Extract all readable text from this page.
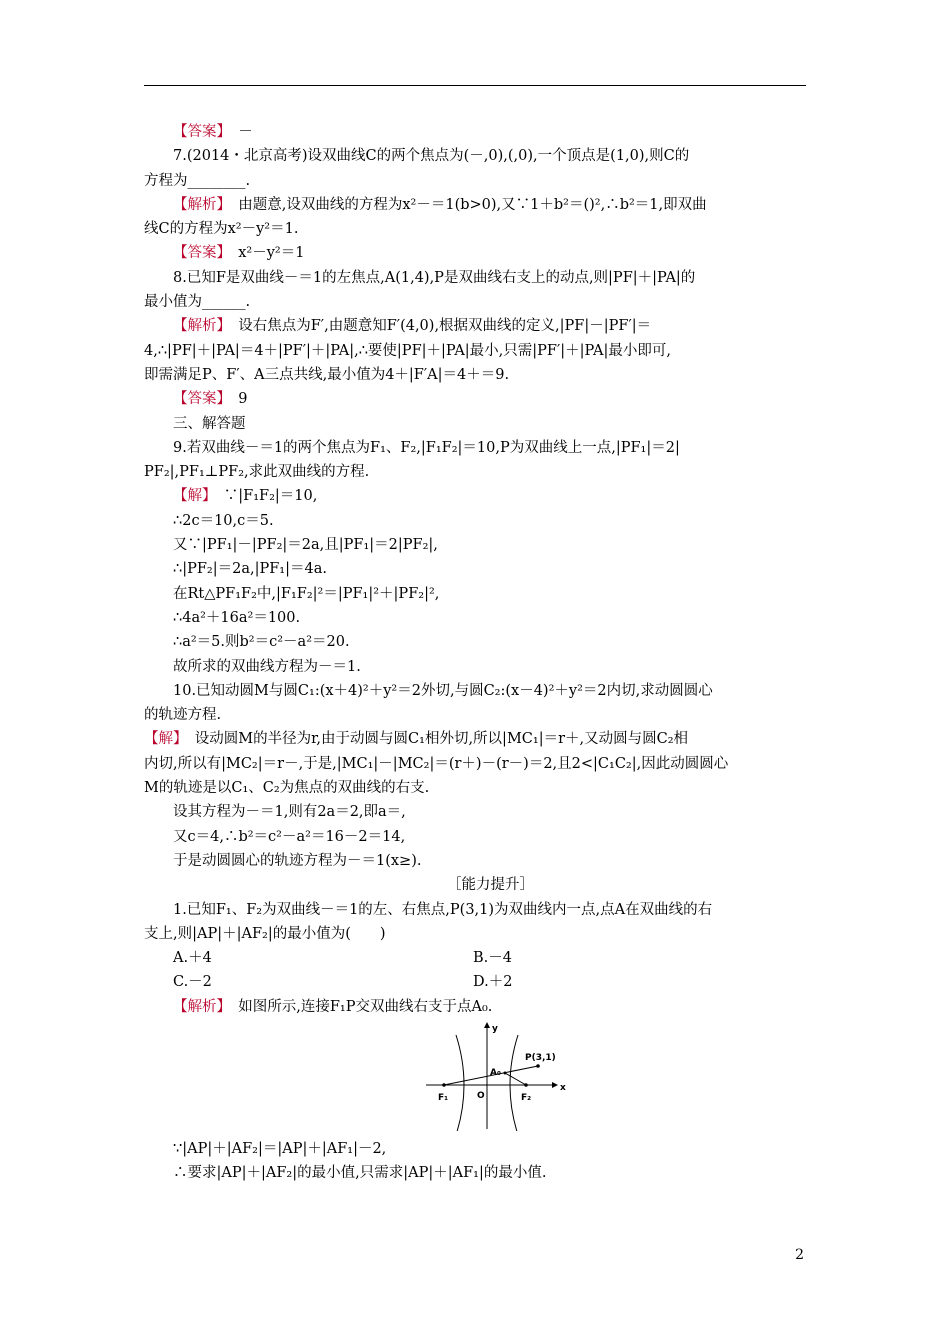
【答案】　－
7.(2014・北京高考)设双曲线C的两个焦点为(－,0),(,0),一个顶点是(1,0),则C的
方程为________.
【解析】　由题意,设双曲线的方程为x²－＝1(b>0),又∵1＋b²＝()²,∴b²＝1,即双曲
线C的方程为x²－y²＝1.
【答案】　x²－y²＝1
8.已知F是双曲线－＝1的左焦点,A(1,4),P是双曲线右支上的动点,则|PF|＋|PA|的
最小值为______.
【解析】　设右焦点为F′,由题意知F′(4,0),根据双曲线的定义,|PF|－|PF′|＝
4,∴|PF|＋|PA|＝4＋|PF′|＋|PA|,∴要使|PF|＋|PA|最小,只需|PF′|＋|PA|最小即可,
即需满足P、F′、A三点共线,最小值为4＋|F′A|＝4＋＝9.
【答案】　9
三、解答题
9.若双曲线－＝1的两个焦点为F₁、F₂,|F₁F₂|＝10,P为双曲线上一点,|PF₁|＝2|
PF₂|,PF₁⊥PF₂,求此双曲线的方程.
【解】　∵|F₁F₂|＝10,
∴2c＝10,c＝5.
又∵|PF₁|－|PF₂|＝2a,且|PF₁|＝2|PF₂|,
∴|PF₂|＝2a,|PF₁|＝4a.
在Rt△PF₁F₂中,|F₁F₂|²＝|PF₁|²＋|PF₂|²,
∴4a²＋16a²＝100.
∴a²＝5.则b²＝c²－a²＝20.
故所求的双曲线方程为－＝1.
10.已知动圆M与圆C₁:(x＋4)²＋y²＝2外切,与圆C₂:(x－4)²＋y²＝2内切,求动圆圆心
的轨迹方程.
【解】　设动圆M的半径为r,由于动圆与圆C₁相外切,所以|MC₁|＝r＋,又动圆与圆C₂相
内切,所以有|MC₂|＝r－,于是,|MC₁|－|MC₂|＝(r＋)－(r－)＝2,且2<|C₁C₂|,因此动圆圆心
M的轨迹是以C₁、C₂为焦点的双曲线的右支.
设其方程为－＝1,则有2a＝2,即a＝,
又c＝4,∴b²＝c²－a²＝16－2＝14,
于是动圆圆心的轨迹方程为－＝1(x≥).
［能力提升］
1.已知F₁、F₂为双曲线－＝1的左、右焦点,P(3,1)为双曲线内一点,点A在双曲线的右
支上,则|AP|＋|AF₂|的最小值为(　　)
A.＋4	B.－4
C.－2	D.＋2
【解析】　如图所示,连接F₁P交双曲线右支于点A₀.
y
x
O
F₁	F₂
A₀
P(3,1)
∵|AP|＋|AF₂|＝|AP|＋|AF₁|－2,
∴要求|AP|＋|AF₂|的最小值,只需求|AP|＋|AF₁|的最小值.
2
